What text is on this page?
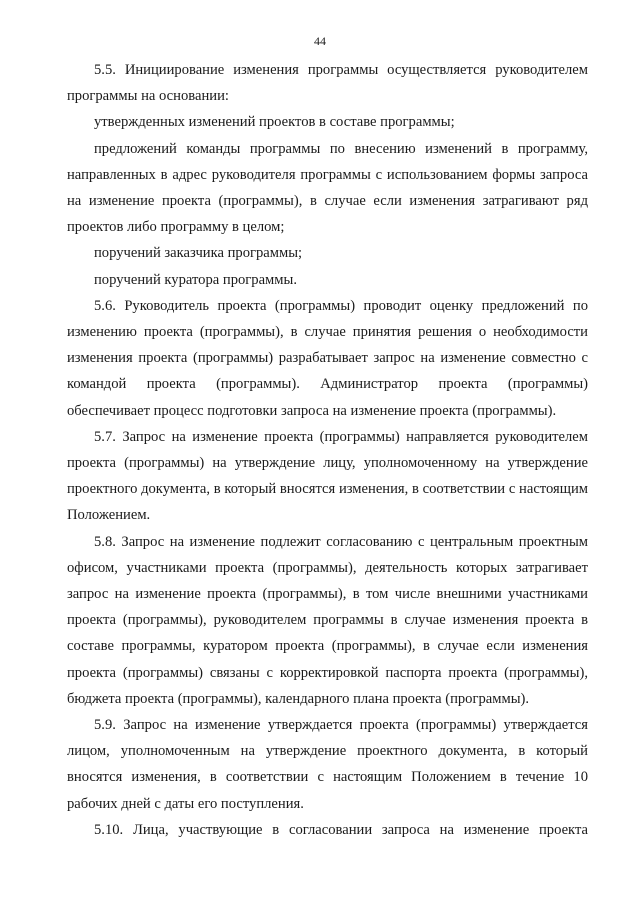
44

5.5. Инициирование изменения программы осуществляется руководителем программы на основании:

утвержденных изменений проектов в составе программы;

предложений команды программы по внесению изменений в программу, направленных в адрес руководителя программы с использованием формы запроса на изменение проекта (программы), в случае если изменения затрагивают ряд проектов либо программу в целом;

поручений заказчика программы;

поручений куратора программы.

5.6. Руководитель проекта (программы) проводит оценку предложений по изменению проекта (программы), в случае принятия решения о необходимости изменения проекта (программы) разрабатывает запрос на изменение совместно с командой проекта (программы). Администратор проекта (программы) обеспечивает процесс подготовки запроса на изменение проекта (программы).

5.7. Запрос на изменение проекта (программы) направляется руководителем проекта (программы) на утверждение лицу, уполномоченному на утверждение проектного документа, в который вносятся изменения, в соответствии с настоящим Положением.

5.8. Запрос на изменение подлежит согласованию с центральным проектным офисом, участниками проекта (программы), деятельность которых затрагивает запрос на изменение проекта (программы), в том числе внешними участниками проекта (программы), руководителем программы в случае изменения проекта в составе программы, куратором проекта (программы), в случае если изменения проекта (программы) связаны с корректировкой паспорта проекта (программы), бюджета проекта (программы), календарного плана проекта (программы).

5.9. Запрос на изменение утверждается проекта (программы) утверждается лицом, уполномоченным на утверждение проектного документа, в который вносятся изменения, в соответствии с настоящим Положением в течение 10 рабочих дней с даты его поступления.

5.10. Лица, участвующие в согласовании запроса на изменение проекта
